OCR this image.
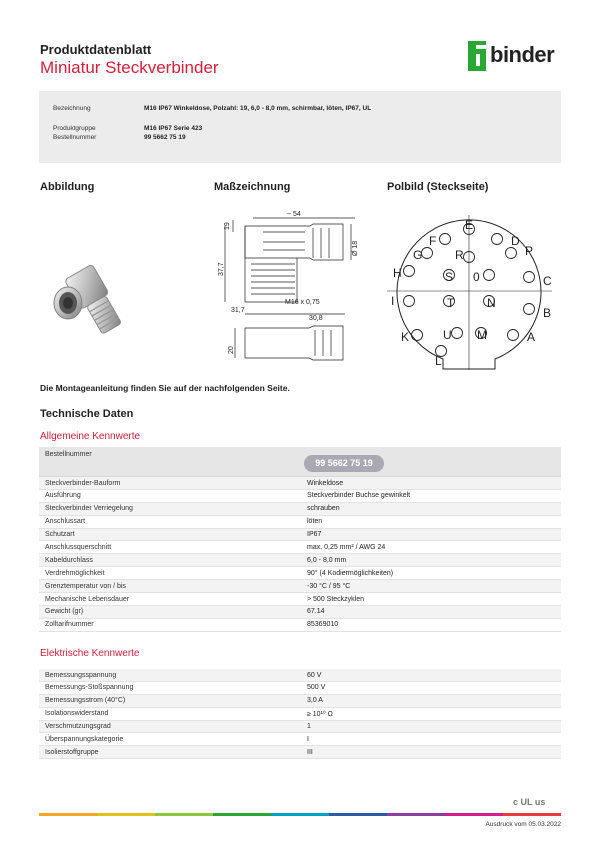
Produktdatenblatt
Miniatur Steckverbinder
binder
Bezeichnung	M16 IP67 Winkeldose, Polzahl: 19, 6,0 - 8,0 mm, schirmbar, löten, IP67, UL
Produktgruppe	M16 IP67 Serie 423
Bestellnummer	99 5662 75 19
Abbildung	Maßzeichnung	Polbild (Steckseite)
~ 54
19
37,7
Ø 18
M16 x 0,75
31,7
30,8
20
E
F	D
G	R	P
H	S 0	C
I	T	N
B
K	U M	A
L
Die Montageanleitung finden Sie auf der nachfolgenden Seite.
Technische Daten
Allgemeine Kennwerte
Bestellnummer
99 5662 75 19
Steckverbinder-Bauform	Winkeldose
Ausführung	Steckverbinder Buchse gewinkelt
Steckverbinder Verriegelung	schrauben
Anschlussart	löten
Schutzart	IP67
Anschlussquerschnitt	max. 0,25 mm² / AWG 24
Kabeldurchlass	6,0 - 8,0 mm
Verdrehmöglichkeit	90° (4 Kodiermöglichkeiten)
Grenztemperatur von / bis	-30 °C / 95 °C
Mechanische Lebensdauer	> 500 Steckzyklen
Gewicht (gr)	67.14
Zolltarifnummer	85369010
Elektrische Kennwerte
Bemessungsspannung	60 V
Bemessungs-Stoßspannung	500 V
Bemessungsstrom (40°C)	3,0 A
Isolationswiderstand	≥ 10¹⁰ Ω
Verschmutzungsgrad	1
Überspannungskategorie	I
Isolierstoffgruppe	III
c UL us
Ausdruck vom 05.03.2022
